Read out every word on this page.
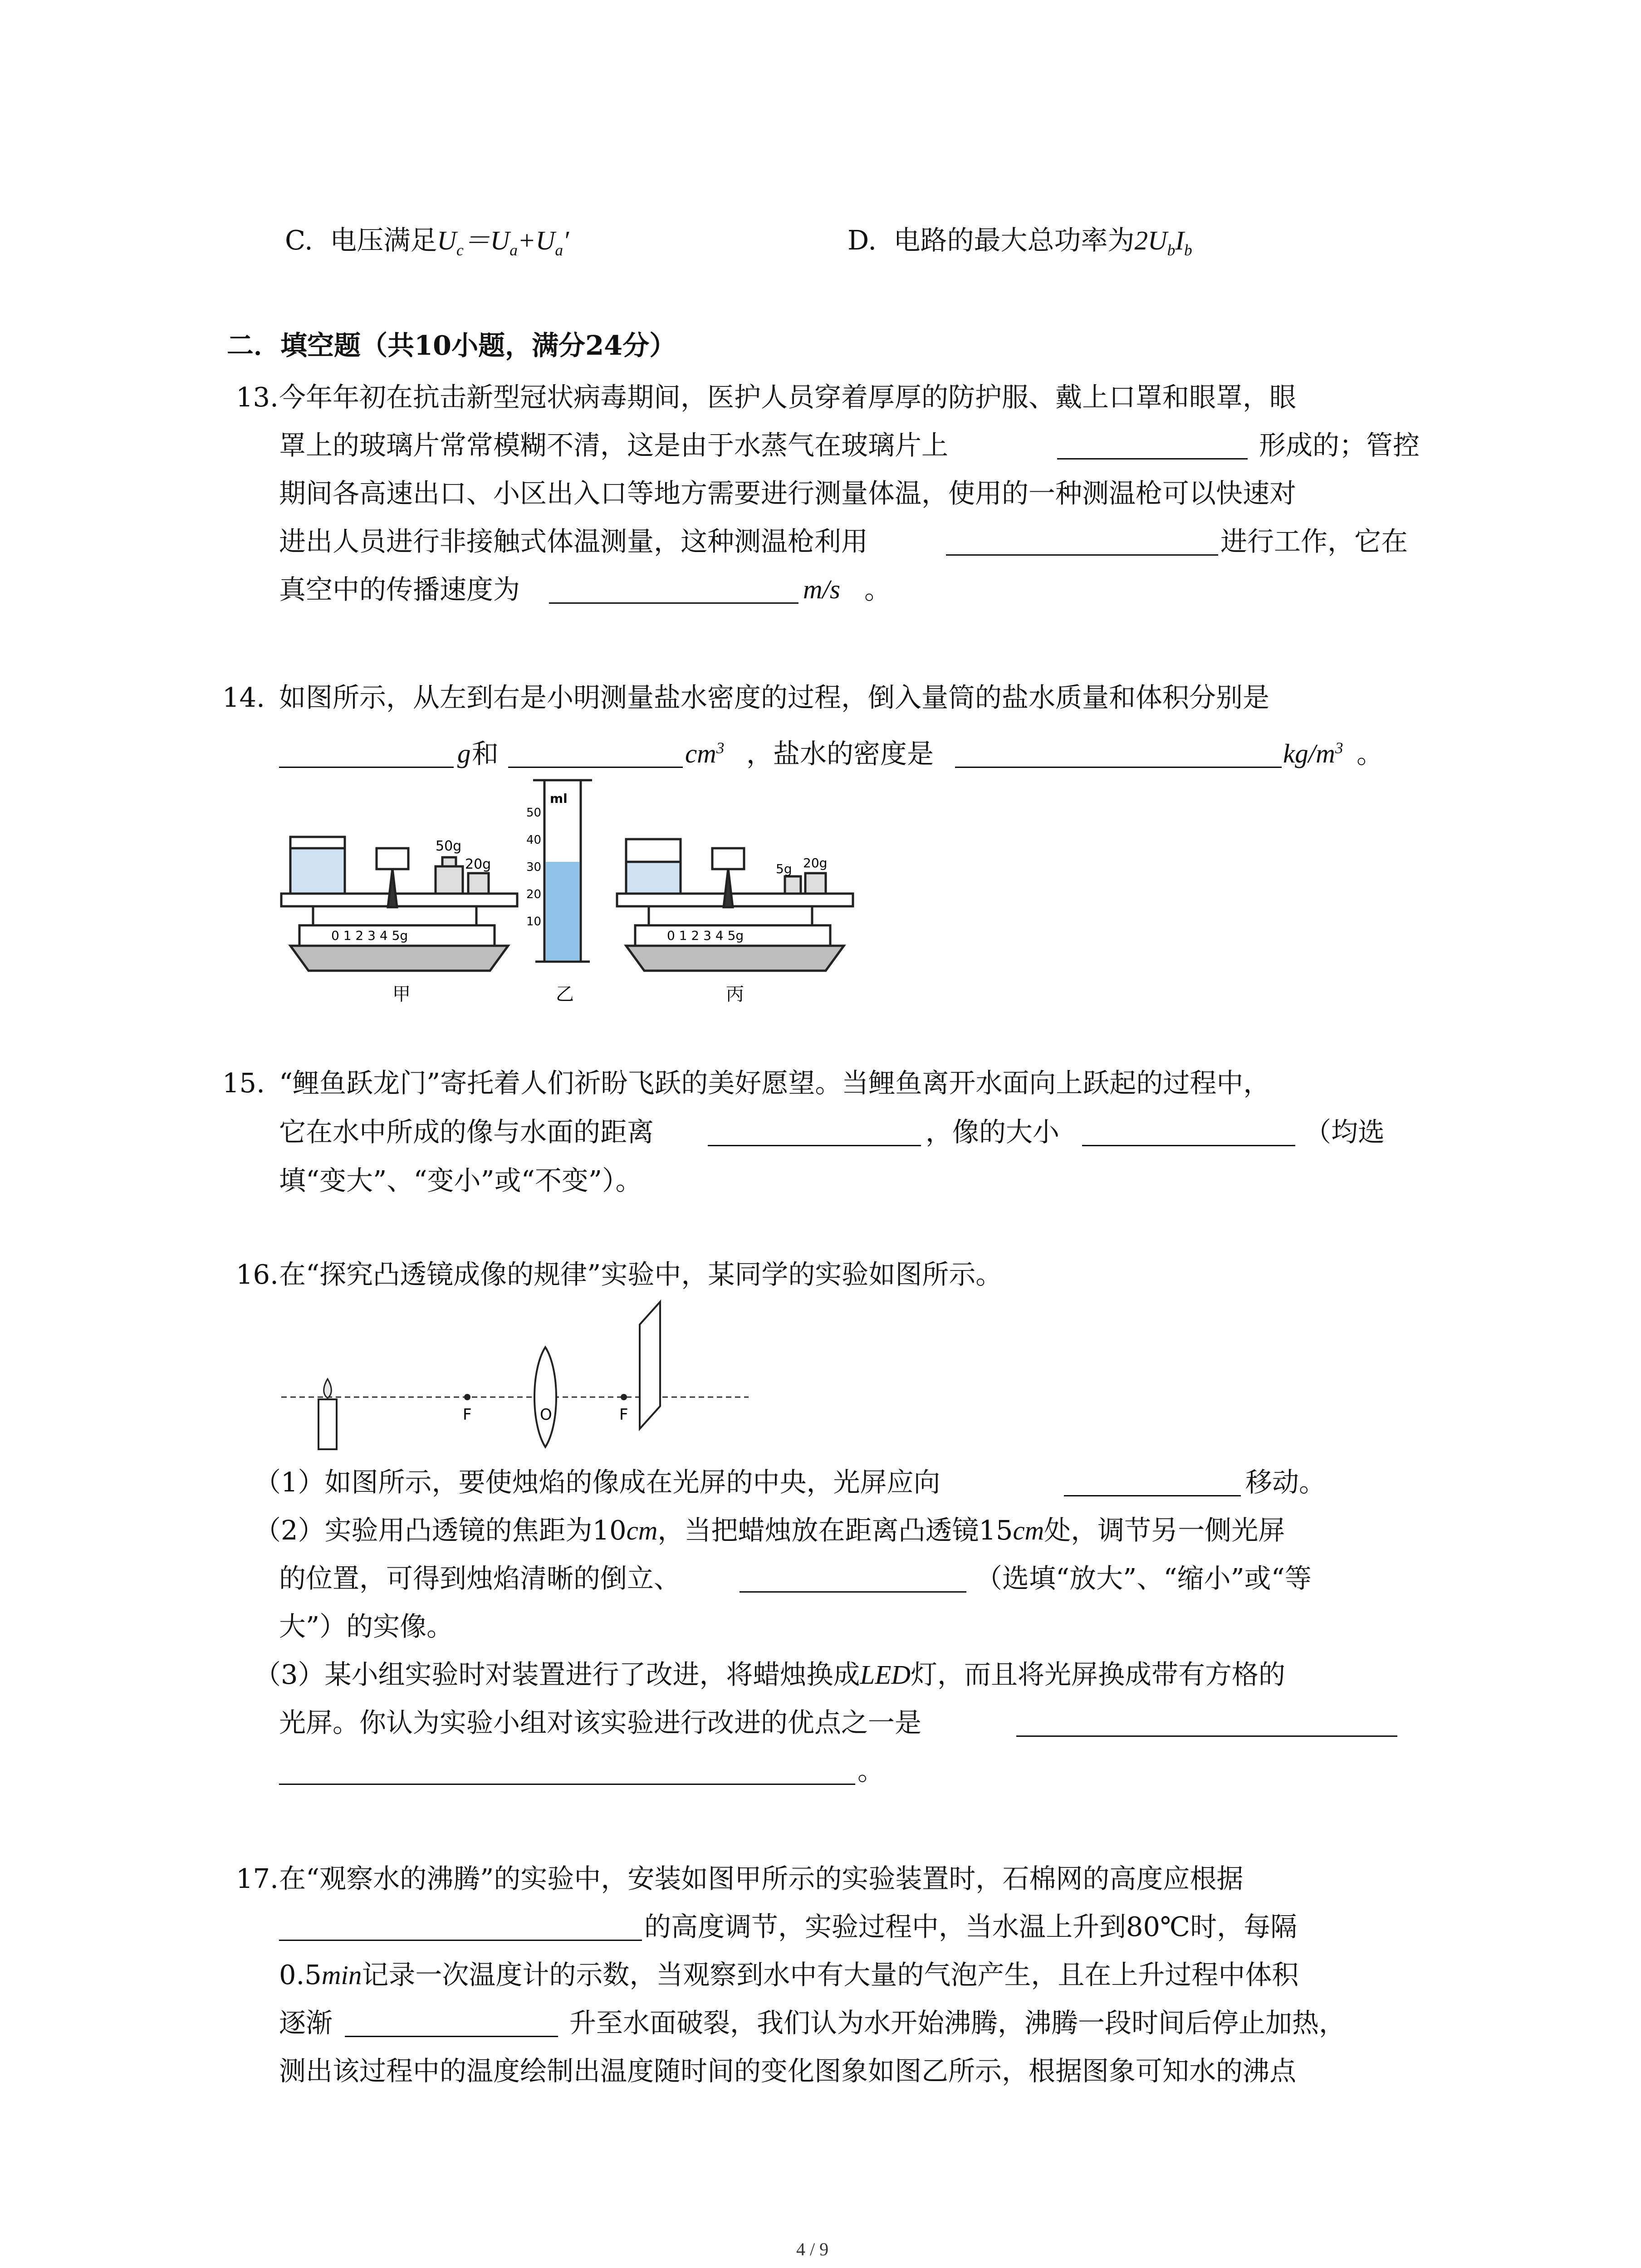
C. 电压满足$U_c=U_a+U_a'$	D. 电路的最大总功率为$2U_bI_b$
二．填空题（共10小题，满分24分）
13. 今年年初在抗击新型冠状病毒期间，医护人员穿着厚厚的防护服、戴上口罩和眼罩，眼
罩上的玻璃片常常模糊不清，这是由于水蒸气在玻璃片上	形成的；管控
期间各高速出口、小区出入口等地方需要进行测量体温，使用的一种测温枪可以快速对
进出人员进行非接触式体温测量，这种测温枪利用	进行工作，它在
真空中的传播速度为	m/s 。
14. 如图所示，从左到右是小明测量盐水密度的过程，倒入量筒的盐水质量和体积分别是
g 和	$cm^3$ ，盐水的密度是	$kg/m^3$ 。
50g
20g
0 1 2 3 4 5g
甲
ml
50
40
30
20
10
乙
5g 20g
0 1 2 3 4 5g
丙
15. “鲤鱼跃龙门”寄托着人们祈盼飞跃的美好愿望。当鲤鱼离开水面向上跃起的过程中，
它在水中所成的像与水面的距离	，像的大小	（均选
填“变大”、“变小”或“不变”）。
16. 在“探究凸透镜成像的规律”实验中，某同学的实验如图所示。
F	O	F
（1）如图所示，要使烛焰的像成在光屏的中央，光屏应向	移动。
（2）实验用凸透镜的焦距为10cm，当把蜡烛放在距离凸透镜15cm处，调节另一侧光屏
的位置，可得到烛焰清晰的倒立、	（选填“放大”、“缩小”或“等
大”）的实像。
（3）某小组实验时对装置进行了改进，将蜡烛换成LED灯，而且将光屏换成带有方格的
光屏。你认为实验小组对该实验进行改进的优点之一是
。
17. 在“观察水的沸腾”的实验中，安装如图甲所示的实验装置时，石棉网的高度应根据
的高度调节，实验过程中，当水温上升到80℃时，每隔
0.5min记录一次温度计的示数，当观察到水中有大量的气泡产生，且在上升过程中体积
逐渐	升至水面破裂，我们认为水开始沸腾，沸腾一段时间后停止加热，
测出该过程中的温度绘制出温度随时间的变化图象如图乙所示，根据图象可知水的沸点
4 / 9
